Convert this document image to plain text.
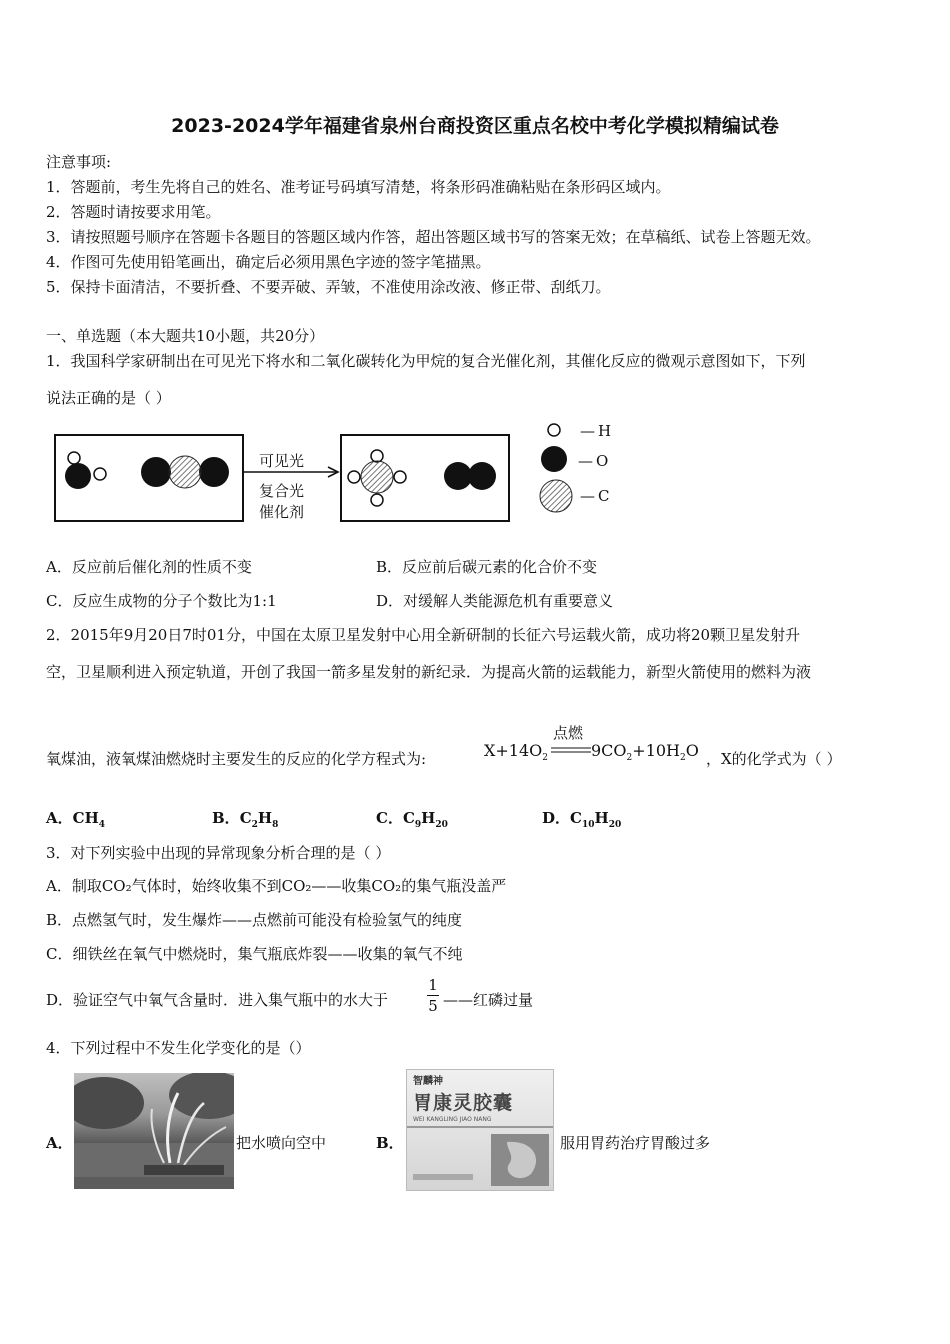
2023-2024学年福建省泉州台商投资区重点名校中考化学模拟精编试卷
注意事项:
1．答题前，考生先将自己的姓名、准考证号码填写清楚，将条形码准确粘贴在条形码区域内。
2．答题时请按要求用笔。
3．请按照题号顺序在答题卡各题目的答题区域内作答，超出答题区域书写的答案无效；在草稿纸、试卷上答题无效。
4．作图可先使用铅笔画出，确定后必须用黑色字迹的签字笔描黑。
5．保持卡面清洁，不要折叠、不要弄破、弄皱，不准使用涂改液、修正带、刮纸刀。
一、单选题（本大题共10小题，共20分）
1．我国科学家研制出在可见光下将水和二氧化碳转化为甲烷的复合光催化剂，其催化反应的微观示意图如下，下列
说法正确的是（ ）
可见光
复合光
催化剂
— H
— O
— C
A．反应前后催化剂的性质不变	B．反应前后碳元素的化合价不变
C．反应生成物的分子个数比为1:1	D．对缓解人类能源危机有重要意义
2．2015年9月20日7时01分，中国在太原卫星发射中心用全新研制的长征六号运载火箭，成功将20颗卫星发射升
空，卫星顺利进入预定轨道，开创了我国一箭多星发射的新纪录．为提高火箭的运载能力，新型火箭使用的燃料为液
氧煤油，液氧煤油燃烧时主要发生的反应的化学方程式为:	$X+14O_2$
点燃
$9CO_2+10H_2O$ ，X的化学式为（ ）
A．$CH_4$	B．$C_2H_8$	C．$C_9H_{20}$	D．$C_{10}H_{20}$
3．对下列实验中出现的异常现象分析合理的是（ ）
A．制取CO₂气体时，始终收集不到CO₂——收集CO₂的集气瓶没盖严
B．点燃氢气时，发生爆炸——点燃前可能没有检验氢气的纯度
C．细铁丝在氧气中燃烧时，集气瓶底炸裂——收集的氧气不纯
D．验证空气中氧气含量时．进入集气瓶中的水大于
1
5 ——红磷过量
4．下列过程中不发生化学变化的是（）
A．	把水喷向空中	B．
智麟神
胃康灵胶囊
WEI KANGLING JIAO NANG
服用胃药治疗胃酸过多
